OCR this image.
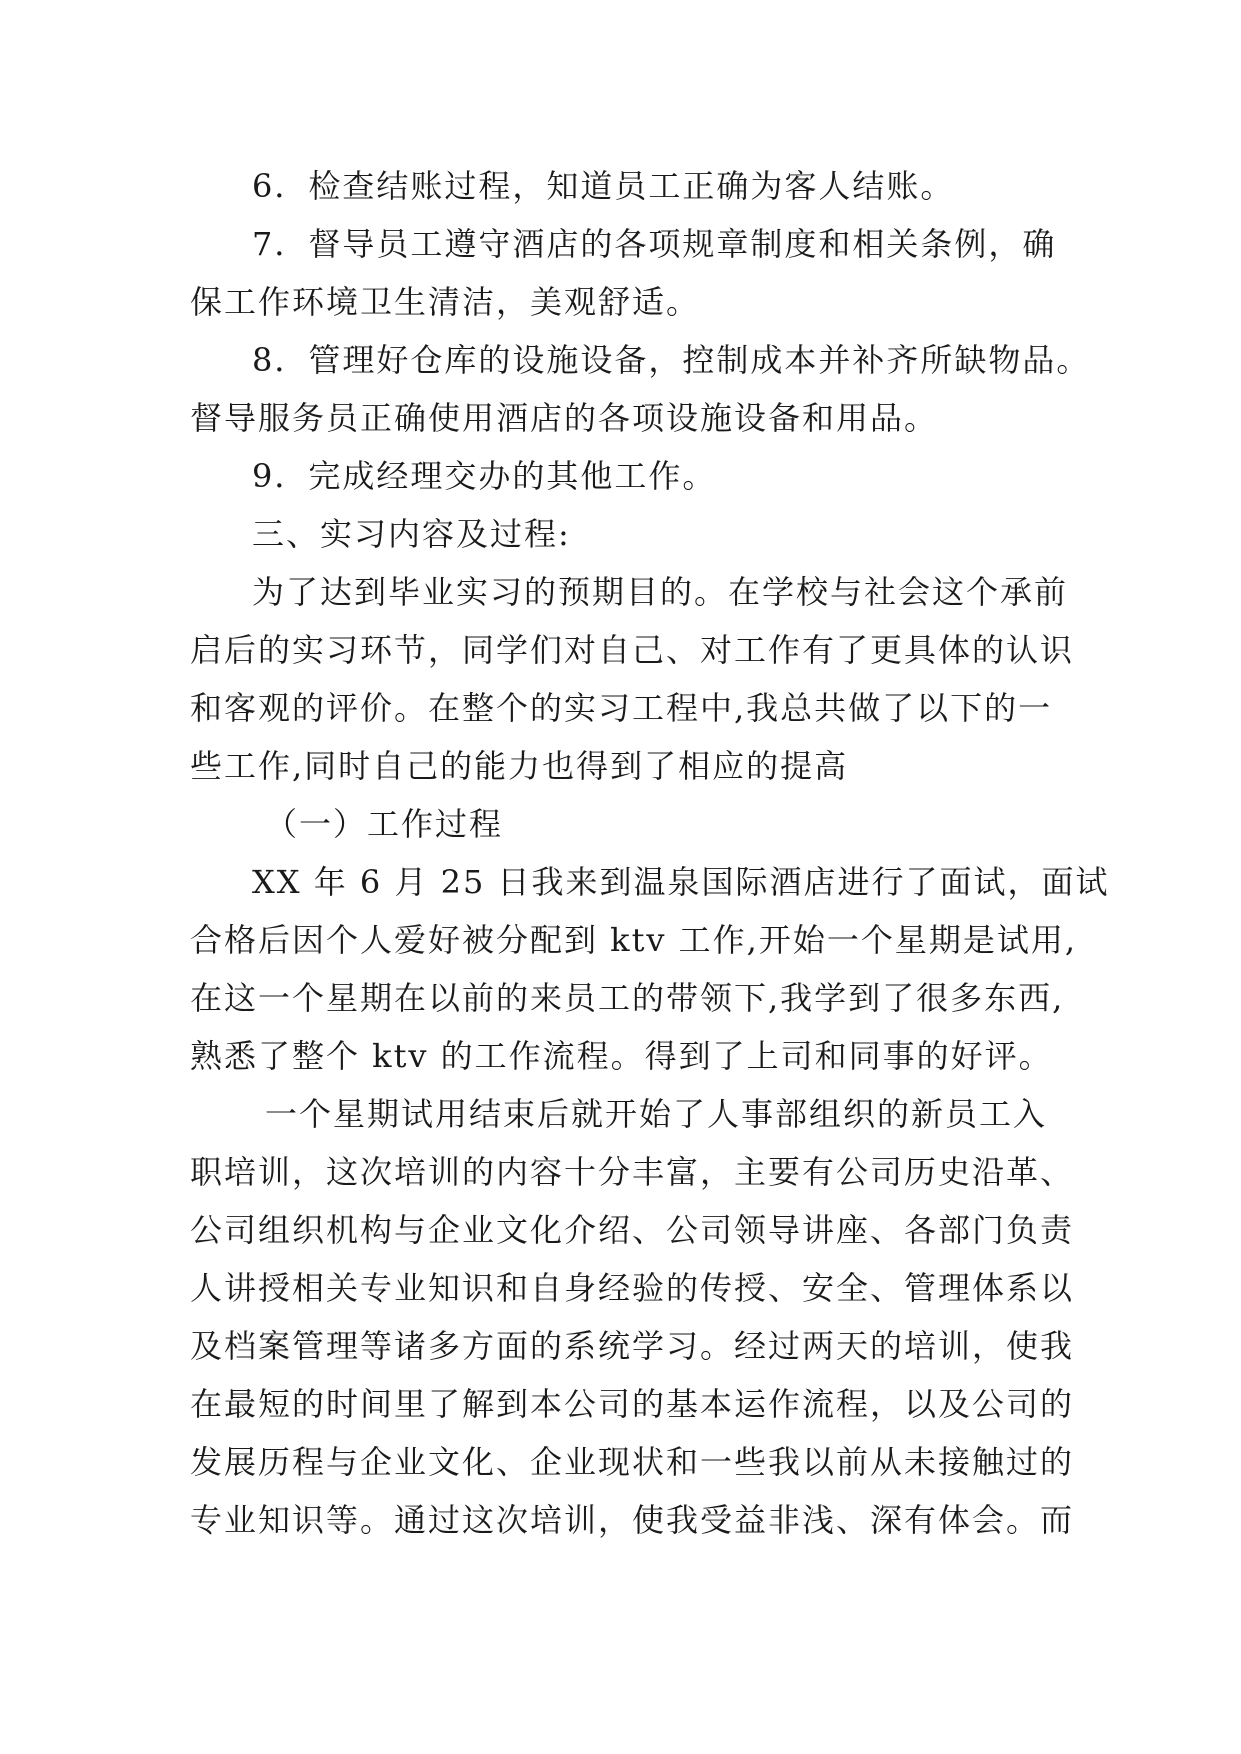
6．检查结账过程，知道员工正确为客人结账。
7．督导员工遵守酒店的各项规章制度和相关条例，确
保工作环境卫生清洁，美观舒适。
8．管理好仓库的设施设备，控制成本并补齐所缺物品。
督导服务员正确使用酒店的各项设施设备和用品。
9．完成经理交办的其他工作。
三、实习内容及过程:
为了达到毕业实习的预期目的。在学校与社会这个承前
启后的实习环节，同学们对自己、对工作有了更具体的认识
和客观的评价。在整个的实习工程中,我总共做了以下的一
些工作,同时自己的能力也得到了相应的提高
（一）工作过程
XX 年 6 月 25 日我来到温泉国际酒店进行了面试，面试
合格后因个人爱好被分配到 ktv 工作,开始一个星期是试用,
在这一个星期在以前的来员工的带领下,我学到了很多东西,
熟悉了整个 ktv 的工作流程。得到了上司和同事的好评。
一个星期试用结束后就开始了人事部组织的新员工入
职培训，这次培训的内容十分丰富，主要有公司历史沿革、
公司组织机构与企业文化介绍、公司领导讲座、各部门负责
人讲授相关专业知识和自身经验的传授、安全、管理体系以
及档案管理等诸多方面的系统学习。经过两天的培训，使我
在最短的时间里了解到本公司的基本运作流程，以及公司的
发展历程与企业文化、企业现状和一些我以前从未接触过的
专业知识等。通过这次培训，使我受益非浅、深有体会。而
